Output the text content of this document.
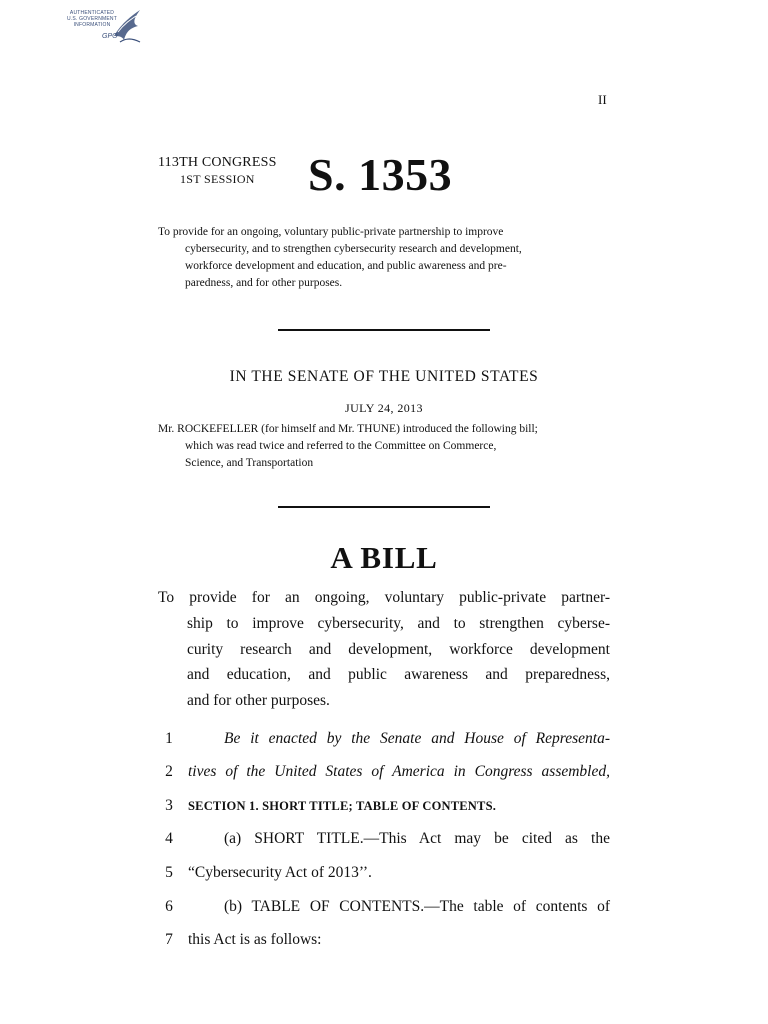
AUTHENTICATED
U.S. GOVERNMENT
INFORMATION
GPO
II
113TH CONGRESS
1ST SESSION S. 1353
To provide for an ongoing, voluntary public-private partnership to improve
cybersecurity, and to strengthen cybersecurity research and development,
workforce development and education, and public awareness and pre-
paredness, and for other purposes.
IN THE SENATE OF THE UNITED STATES
JULY 24, 2013
Mr. ROCKEFELLER (for himself and Mr. THUNE) introduced the following bill;
which was read twice and referred to the Committee on Commerce,
Science, and Transportation
A BILL
To provide for an ongoing, voluntary public-private partner-
ship to improve cybersecurity, and to strengthen cyberse-
curity research and development, workforce development
and education, and public awareness and preparedness,
and for other purposes.
1	Be it enacted by the Senate and House of Representa-
2 tives of the United States of America in Congress assembled,
3	SECTION 1. SHORT TITLE; TABLE OF CONTENTS.
4	(a) SHORT TITLE.—This Act may be cited as the
5 “Cybersecurity Act of 2013’’.
6	(b) TABLE OF CONTENTS.—The table of contents of
7 this Act is as follows:
